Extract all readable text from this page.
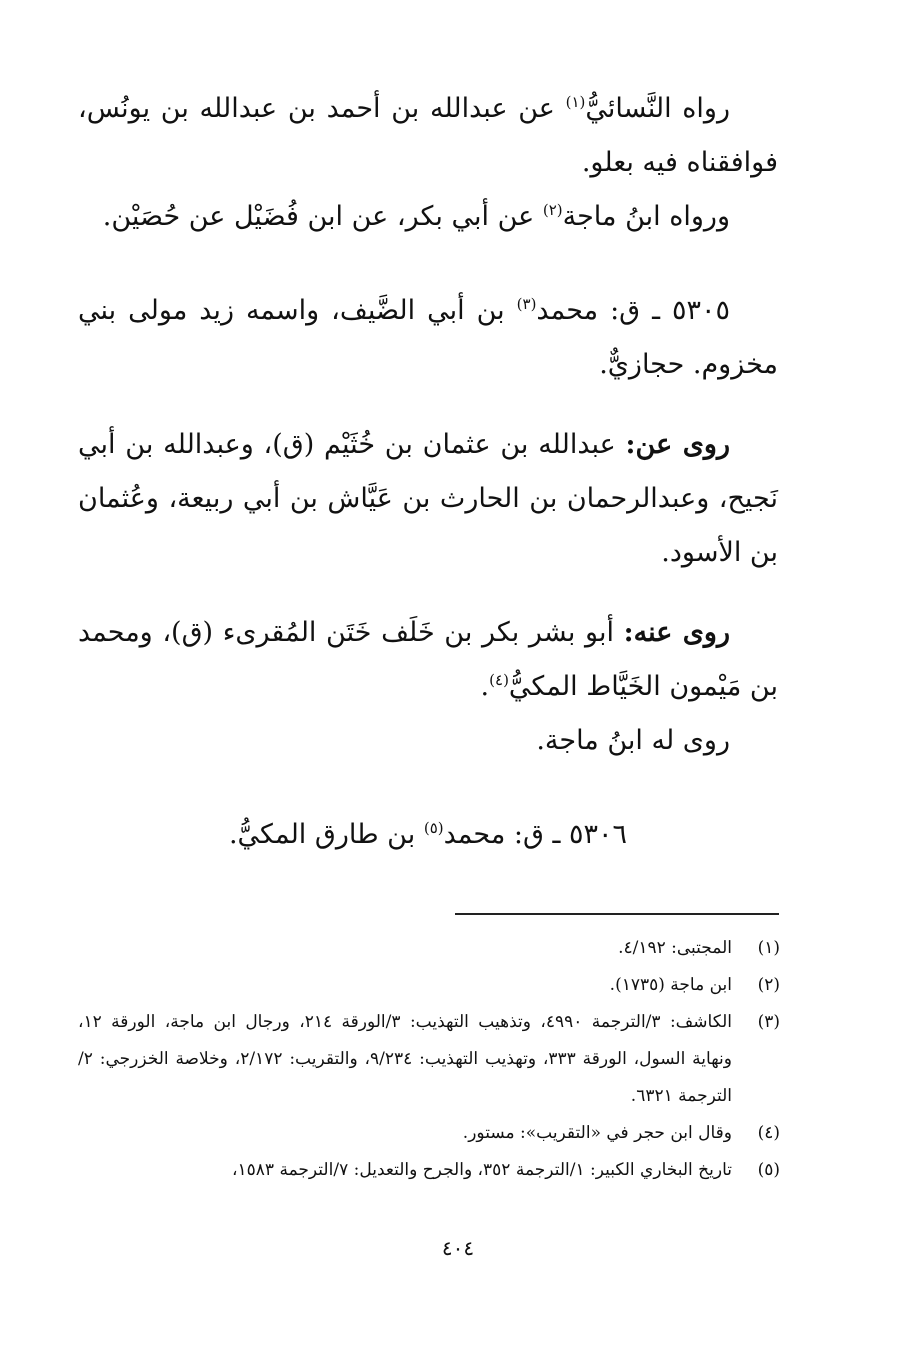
رواه النَّسائيُّ$^{(١)}$ عن عبدالله بن أحمد بن عبدالله بن يونُس، فوافقناه فيه بعلو.

ورواه ابنُ ماجة$^{(٢)}$ عن أبي بكر، عن ابن فُضَيْل عن حُصَيْن.

٥٣٠٥ ـ ق: محمد$^{(٣)}$ بن أبي الضَّيف، واسمه زيد مولى بني مخزوم. حجازيٌّ.

روى عن: عبدالله بن عثمان بن خُثَيْم (ق)، وعبدالله بن أبي نَجيح، وعبدالرحمان بن الحارث بن عَيَّاش بن أبي ربيعة، وعُثمان بن الأسود.

روى عنه: أبو بشر بكر بن خَلَف خَتَن المُقرىء (ق)، ومحمد بن مَيْمون الخَيَّاط المكيُّ$^{(٤)}$.

روى له ابنُ ماجة.

٥٣٠٦ ـ ق: محمد$^{(٥)}$ بن طارق المكيُّ.

(١)
المجتبى: ٤/١٩٢.
(٢)
ابن ماجة (١٧٣٥).
(٣)
الكاشف: ٣/الترجمة ٤٩٩٠، وتذهيب التهذيب: ٣/الورقة ٢١٤، ورجال ابن ماجة، الورقة ١٢، ونهاية السول، الورقة ٣٣٣، وتهذيب التهذيب: ٩/٢٣٤، والتقريب: ٢/١٧٢، وخلاصة الخزرجي: ٢/الترجمة ٦٣٢١.
(٤)
وقال ابن حجر في «التقريب»: مستور.
(٥)
تاريخ البخاري الكبير: ١/الترجمة ٣٥٢، والجرح والتعديل: ٧/الترجمة ١٥٨٣،
٤٠٤
